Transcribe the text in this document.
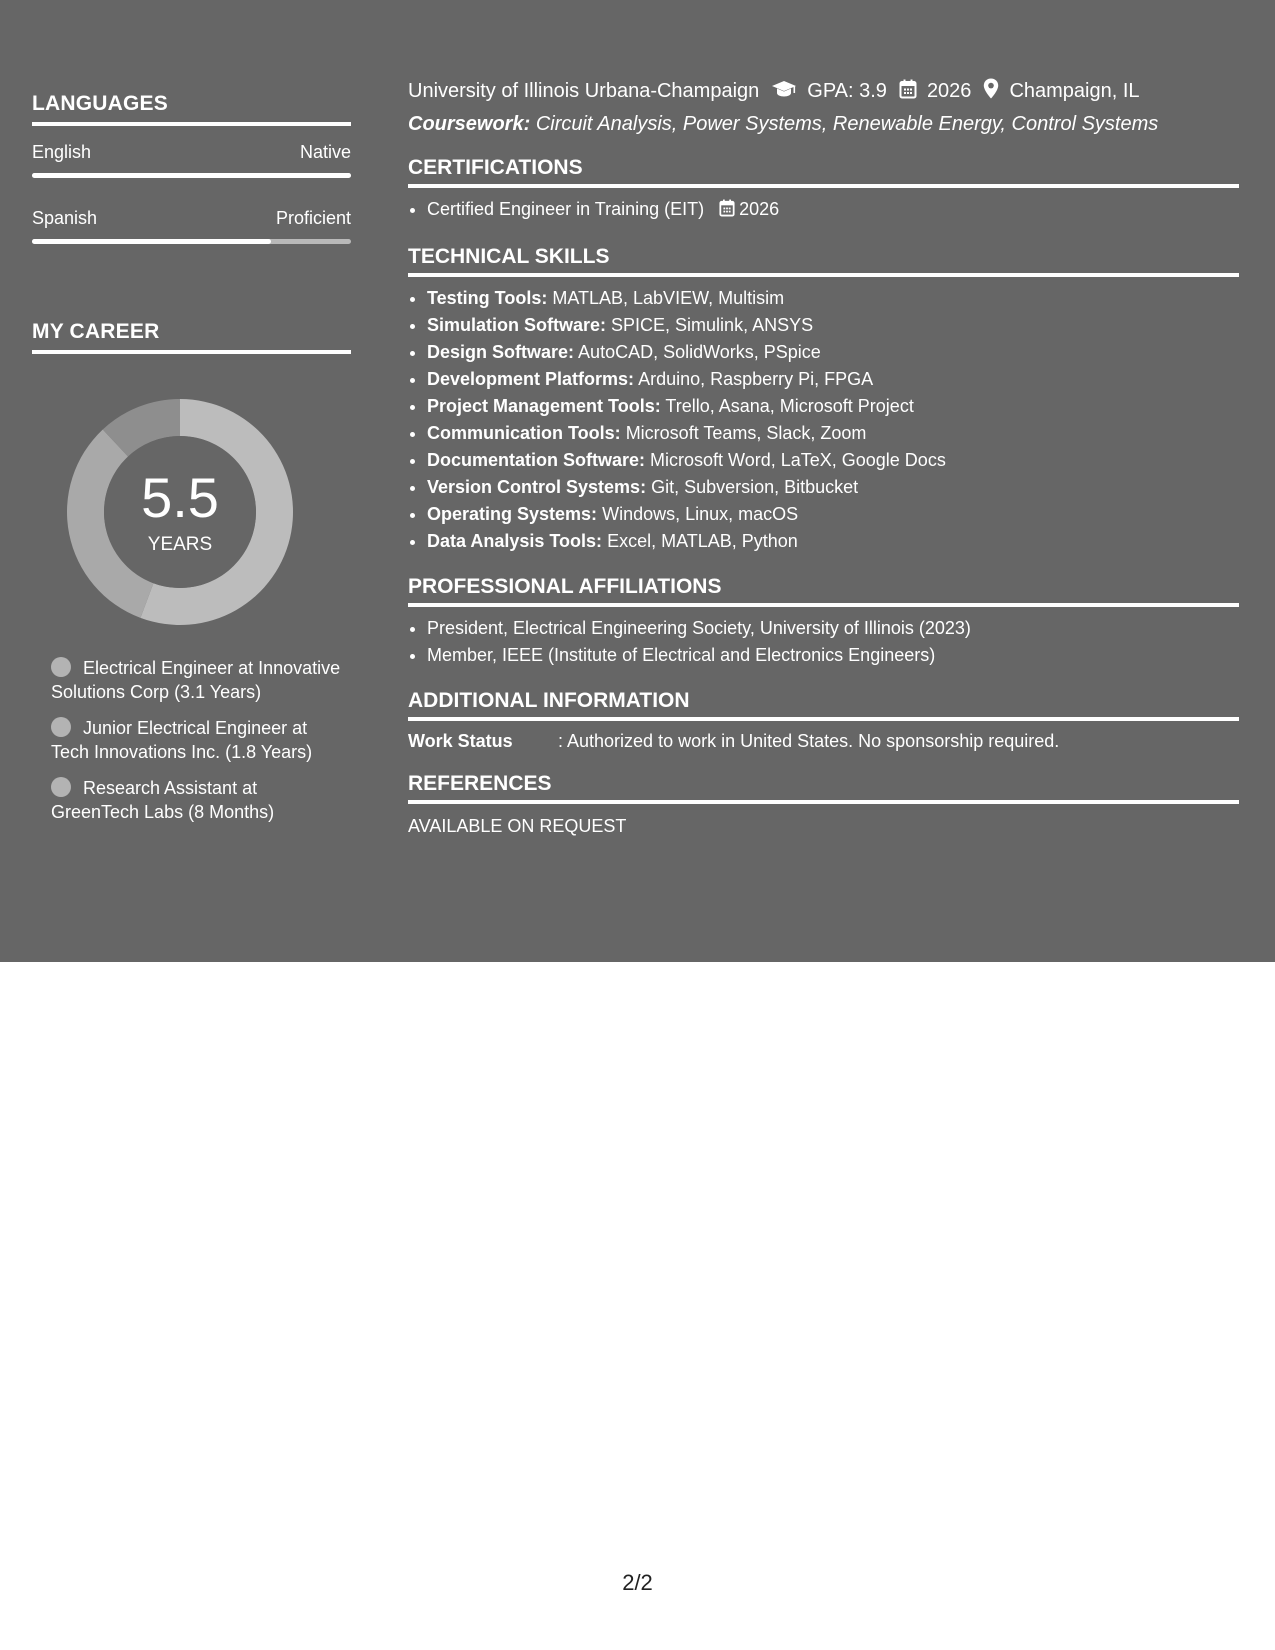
LANGUAGES
English	Native
Spanish	Proficient
MY CAREER
5.5
YEARS
Electrical Engineer at Innovative Solutions Corp (3.1 Years)
Junior Electrical Engineer at Tech Innovations Inc. (1.8 Years)
Research Assistant at GreenTech Labs (8 Months)
University of Illinois Urbana-Champaign GPA: 3.9 2026 Champaign, IL
Coursework: Circuit Analysis, Power Systems, Renewable Energy, Control Systems
CERTIFICATIONS
• Certified Engineer in Training (EIT) 2026
TECHNICAL SKILLS
• Testing Tools: MATLAB, LabVIEW, Multisim
• Simulation Software: SPICE, Simulink, ANSYS
• Design Software: AutoCAD, SolidWorks, PSpice
• Development Platforms: Arduino, Raspberry Pi, FPGA
• Project Management Tools: Trello, Asana, Microsoft Project
• Communication Tools: Microsoft Teams, Slack, Zoom
• Documentation Software: Microsoft Word, LaTeX, Google Docs
• Version Control Systems: Git, Subversion, Bitbucket
• Operating Systems: Windows, Linux, macOS
• Data Analysis Tools: Excel, MATLAB, Python
PROFESSIONAL AFFILIATIONS
• President, Electrical Engineering Society, University of Illinois (2023)
• Member, IEEE (Institute of Electrical and Electronics Engineers)
ADDITIONAL INFORMATION
Work Status	: Authorized to work in United States. No sponsorship required.
REFERENCES
AVAILABLE ON REQUEST
2/2
